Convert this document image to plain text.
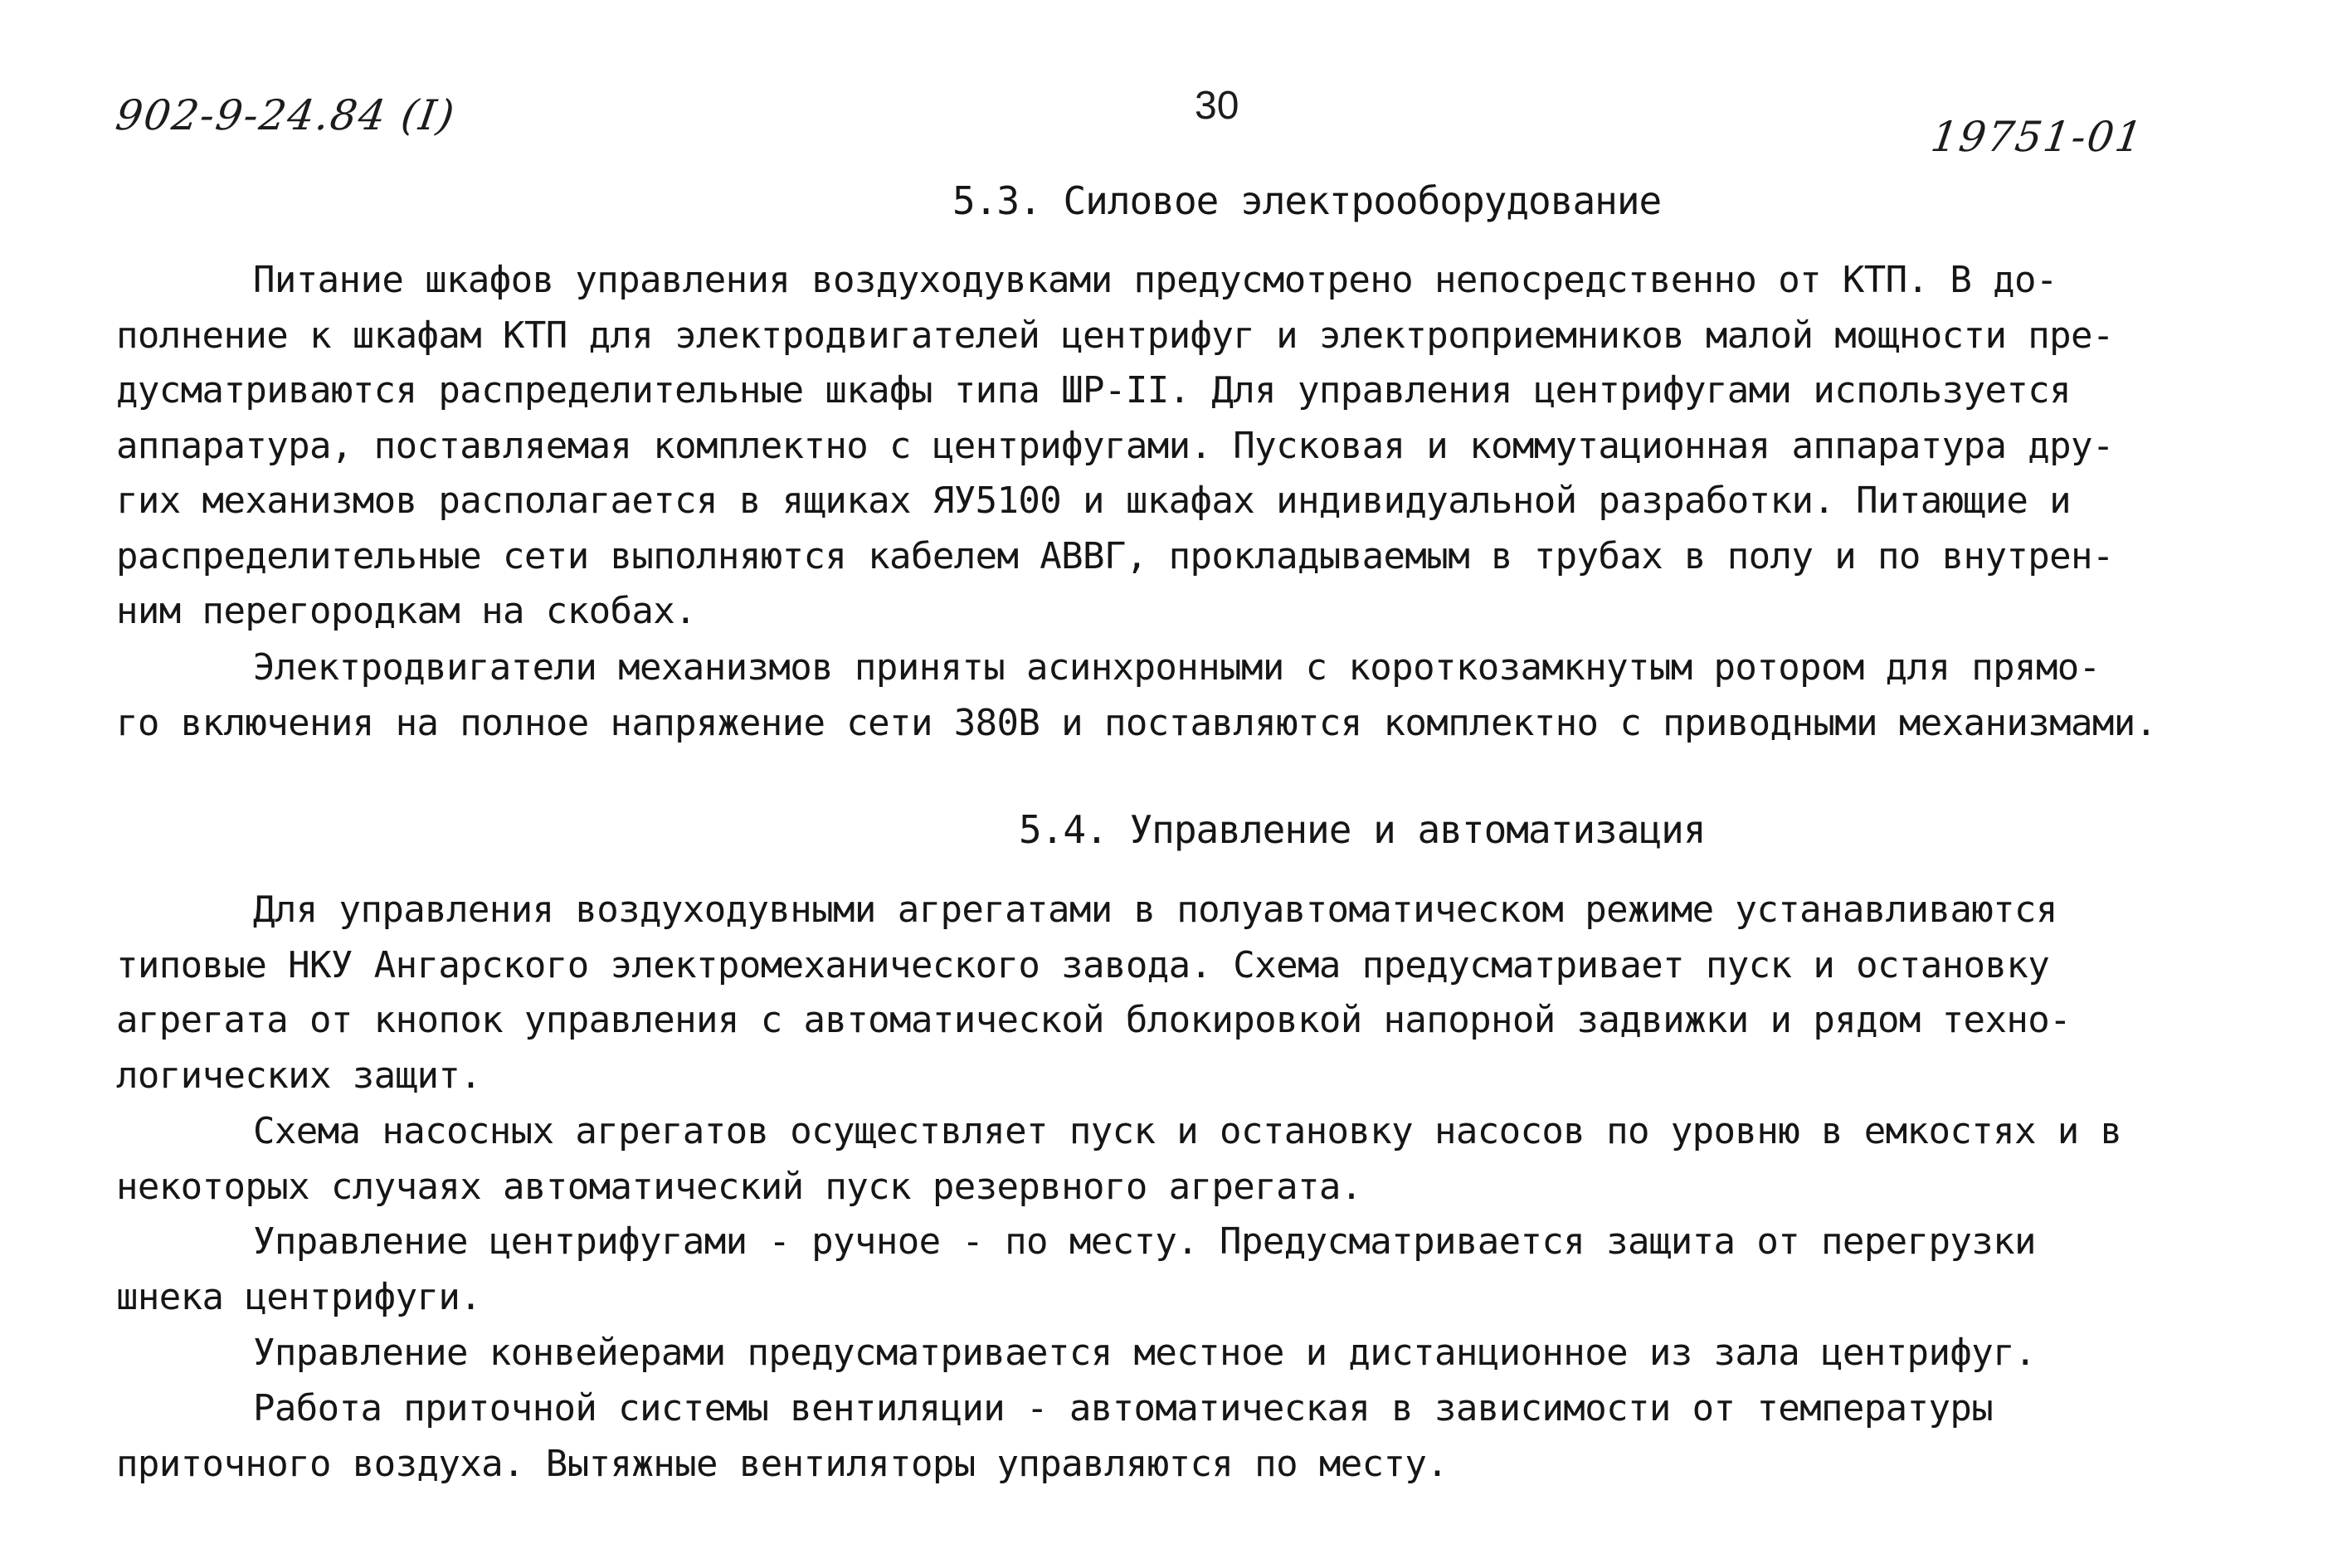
902-9-24.84 (I)	30
19751-01
5.3. Силовое электрооборудование
Питание шкафов управления воздуходувками предусмотрено непосредственно от КТП. В до-
полнение к шкафам КТП для электродвигателей центрифуг и электроприемников малой мощности пре-
дусматриваются распределительные шкафы типа ШР-II. Для управления центрифугами используется
аппаратура, поставляемая комплектно с центрифугами. Пусковая и коммутационная аппаратура дру-
гих механизмов располагается в ящиках ЯУ5100 и шкафах индивидуальной разработки. Питающие и
распределительные сети выполняются кабелем АВВГ, прокладываемым в трубах в полу и по внутрен-
ним перегородкам на скобах.
Электродвигатели механизмов приняты асинхронными с короткозамкнутым ротором для прямо-
го включения на полное напряжение сети 380В и поставляются комплектно с приводными механизмами.
5.4. Управление и автоматизация
Для управления воздуходувными агрегатами в полуавтоматическом режиме устанавливаются
типовые НКУ Ангарского электромеханического завода. Схема предусматривает пуск и остановку
агрегата от кнопок управления с автоматической блокировкой напорной задвижки и рядом техно-
логических защит.
Схема насосных агрегатов осуществляет пуск и остановку насосов по уровню в емкостях и в
некоторых случаях автоматический пуск резервного агрегата.
Управление центрифугами - ручное - по месту. Предусматривается защита от перегрузки
шнека центрифуги.
Управление конвейерами предусматривается местное и дистанционное из зала центрифуг.
Работа приточной системы вентиляции - автоматическая в зависимости от температуры
приточного воздуха. Вытяжные вентиляторы управляются по месту.
